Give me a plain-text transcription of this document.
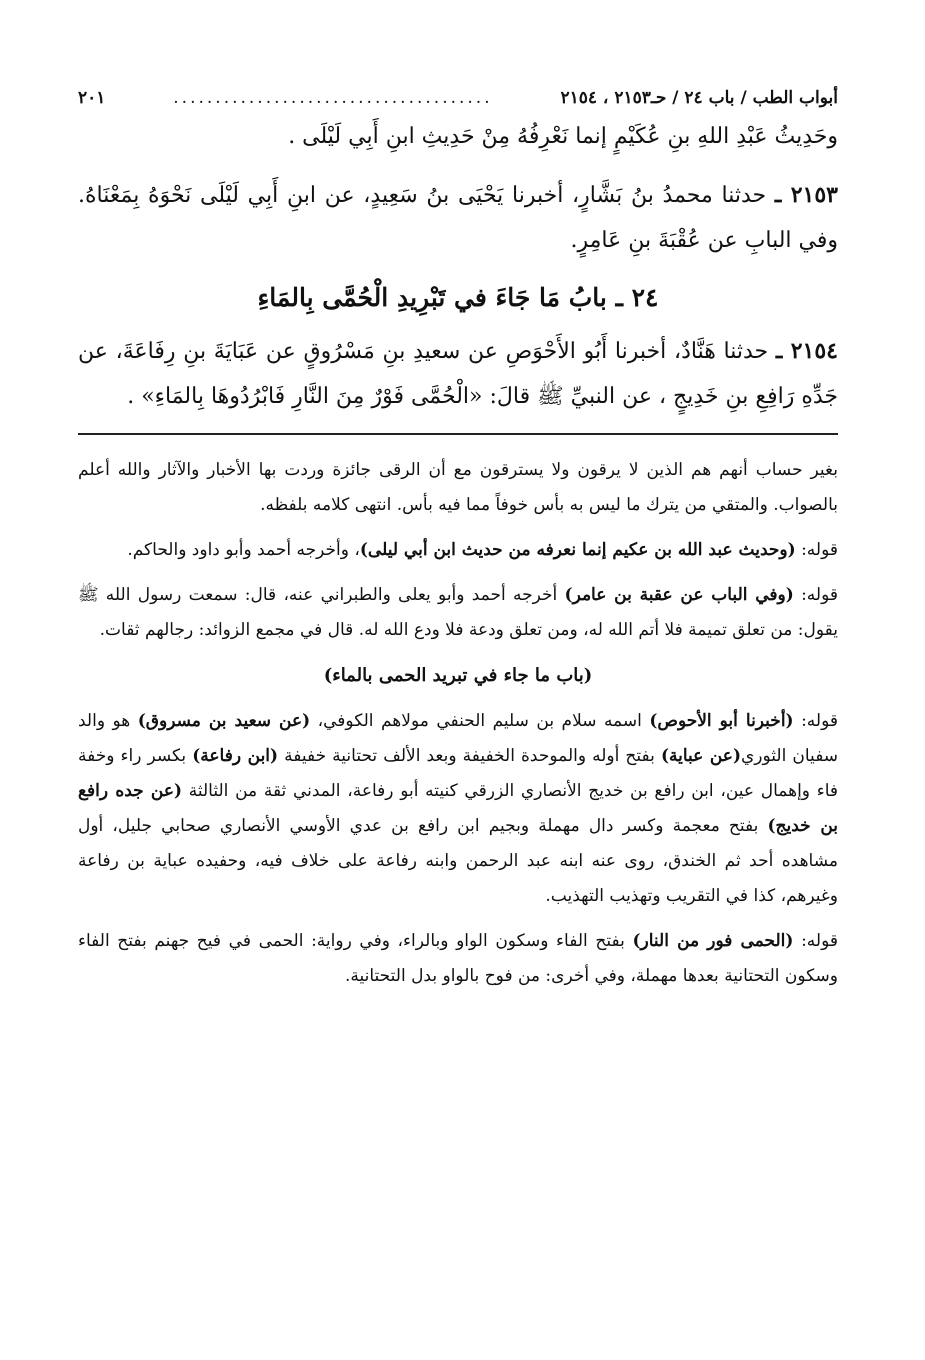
أبواب الطب / باب ٢٤ / حـ٢١٥٣ ، ٢١٥٤
......................................
٢٠١

وحَدِيثُ عَبْدِ اللهِ بنِ عُكَيْمٍ إنما نَعْرِفُهُ مِنْ حَدِيثِ ابنِ أَبِي لَيْلَى .

٢١٥٣ ـ حدثنا محمدُ بنُ بَشَّارٍ، أخبرنا يَحْيَى بنُ سَعِيدٍ، عن ابنِ أَبِي لَيْلَى نَحْوَهُ بِمَعْنَاهُ. وفي البابِ عن عُقْبَةَ بنِ عَامِرٍ.

٢٤ ـ بابُ مَا جَاءَ في تَبْرِيدِ الْحُمَّى بِالمَاءِ

٢١٥٤ ـ حدثنا هَنَّادٌ، أخبرنا أَبُو الأَحْوَصِ عن سعيدِ بنِ مَسْرُوقٍ عن عَبَايَةَ بنِ رِفَاعَةَ، عن جَدِّهِ رَافِعِ بنِ خَدِيجٍ ، عن النبيِّ ﷺ قالَ: «الْحُمَّى فَوْرٌ مِنَ النَّارِ فَابْرُدُوهَا بِالمَاءِ» .

بغير حساب أنهم هم الذين لا يرقون ولا يسترقون مع أن الرقى جائزة وردت بها الأخبار والآثار والله أعلم بالصواب. والمتقي من يترك ما ليس به بأس خوفاً مما فيه بأس. انتهى كلامه بلفظه.

قوله: (وحديث عبد الله بن عكيم إنما نعرفه من حديث ابن أبي ليلى)، وأخرجه أحمد وأبو داود والحاكم.

قوله: (وفي الباب عن عقبة بن عامر) أخرجه أحمد وأبو يعلى والطبراني عنه، قال: سمعت رسول الله ﷺ يقول: من تعلق تميمة فلا أتم الله له، ومن تعلق ودعة فلا ودع الله له. قال في مجمع الزوائد: رجالهم ثقات.

(باب ما جاء في تبريد الحمى بالماء)

قوله: (أخبرنا أبو الأحوص) اسمه سلام بن سليم الحنفي مولاهم الكوفي، (عن سعيد بن مسروق) هو والد سفيان الثوري(عن عباية) بفتح أوله والموحدة الخفيفة وبعد الألف تحتانية خفيفة (ابن رفاعة) بكسر راء وخفة فاء وإهمال عين، ابن رافع بن خديج الأنصاري الزرقي كنيته أبو رفاعة، المدني ثقة من الثالثة (عن جده رافع بن خديج) بفتح معجمة وكسر دال مهملة وبجيم ابن رافع بن عدي الأوسي الأنصاري صحابي جليل، أول مشاهده أحد ثم الخندق، روى عنه ابنه عبد الرحمن وابنه رفاعة على خلاف فيه، وحفيده عباية بن رفاعة وغيرهم، كذا في التقريب وتهذيب التهذيب.

قوله: (الحمى فور من النار) بفتح الفاء وسكون الواو وبالراء، وفي رواية: الحمى في فيح جهنم بفتح الفاء وسكون التحتانية بعدها مهملة، وفي أخرى: من فوح بالواو بدل التحتانية.
